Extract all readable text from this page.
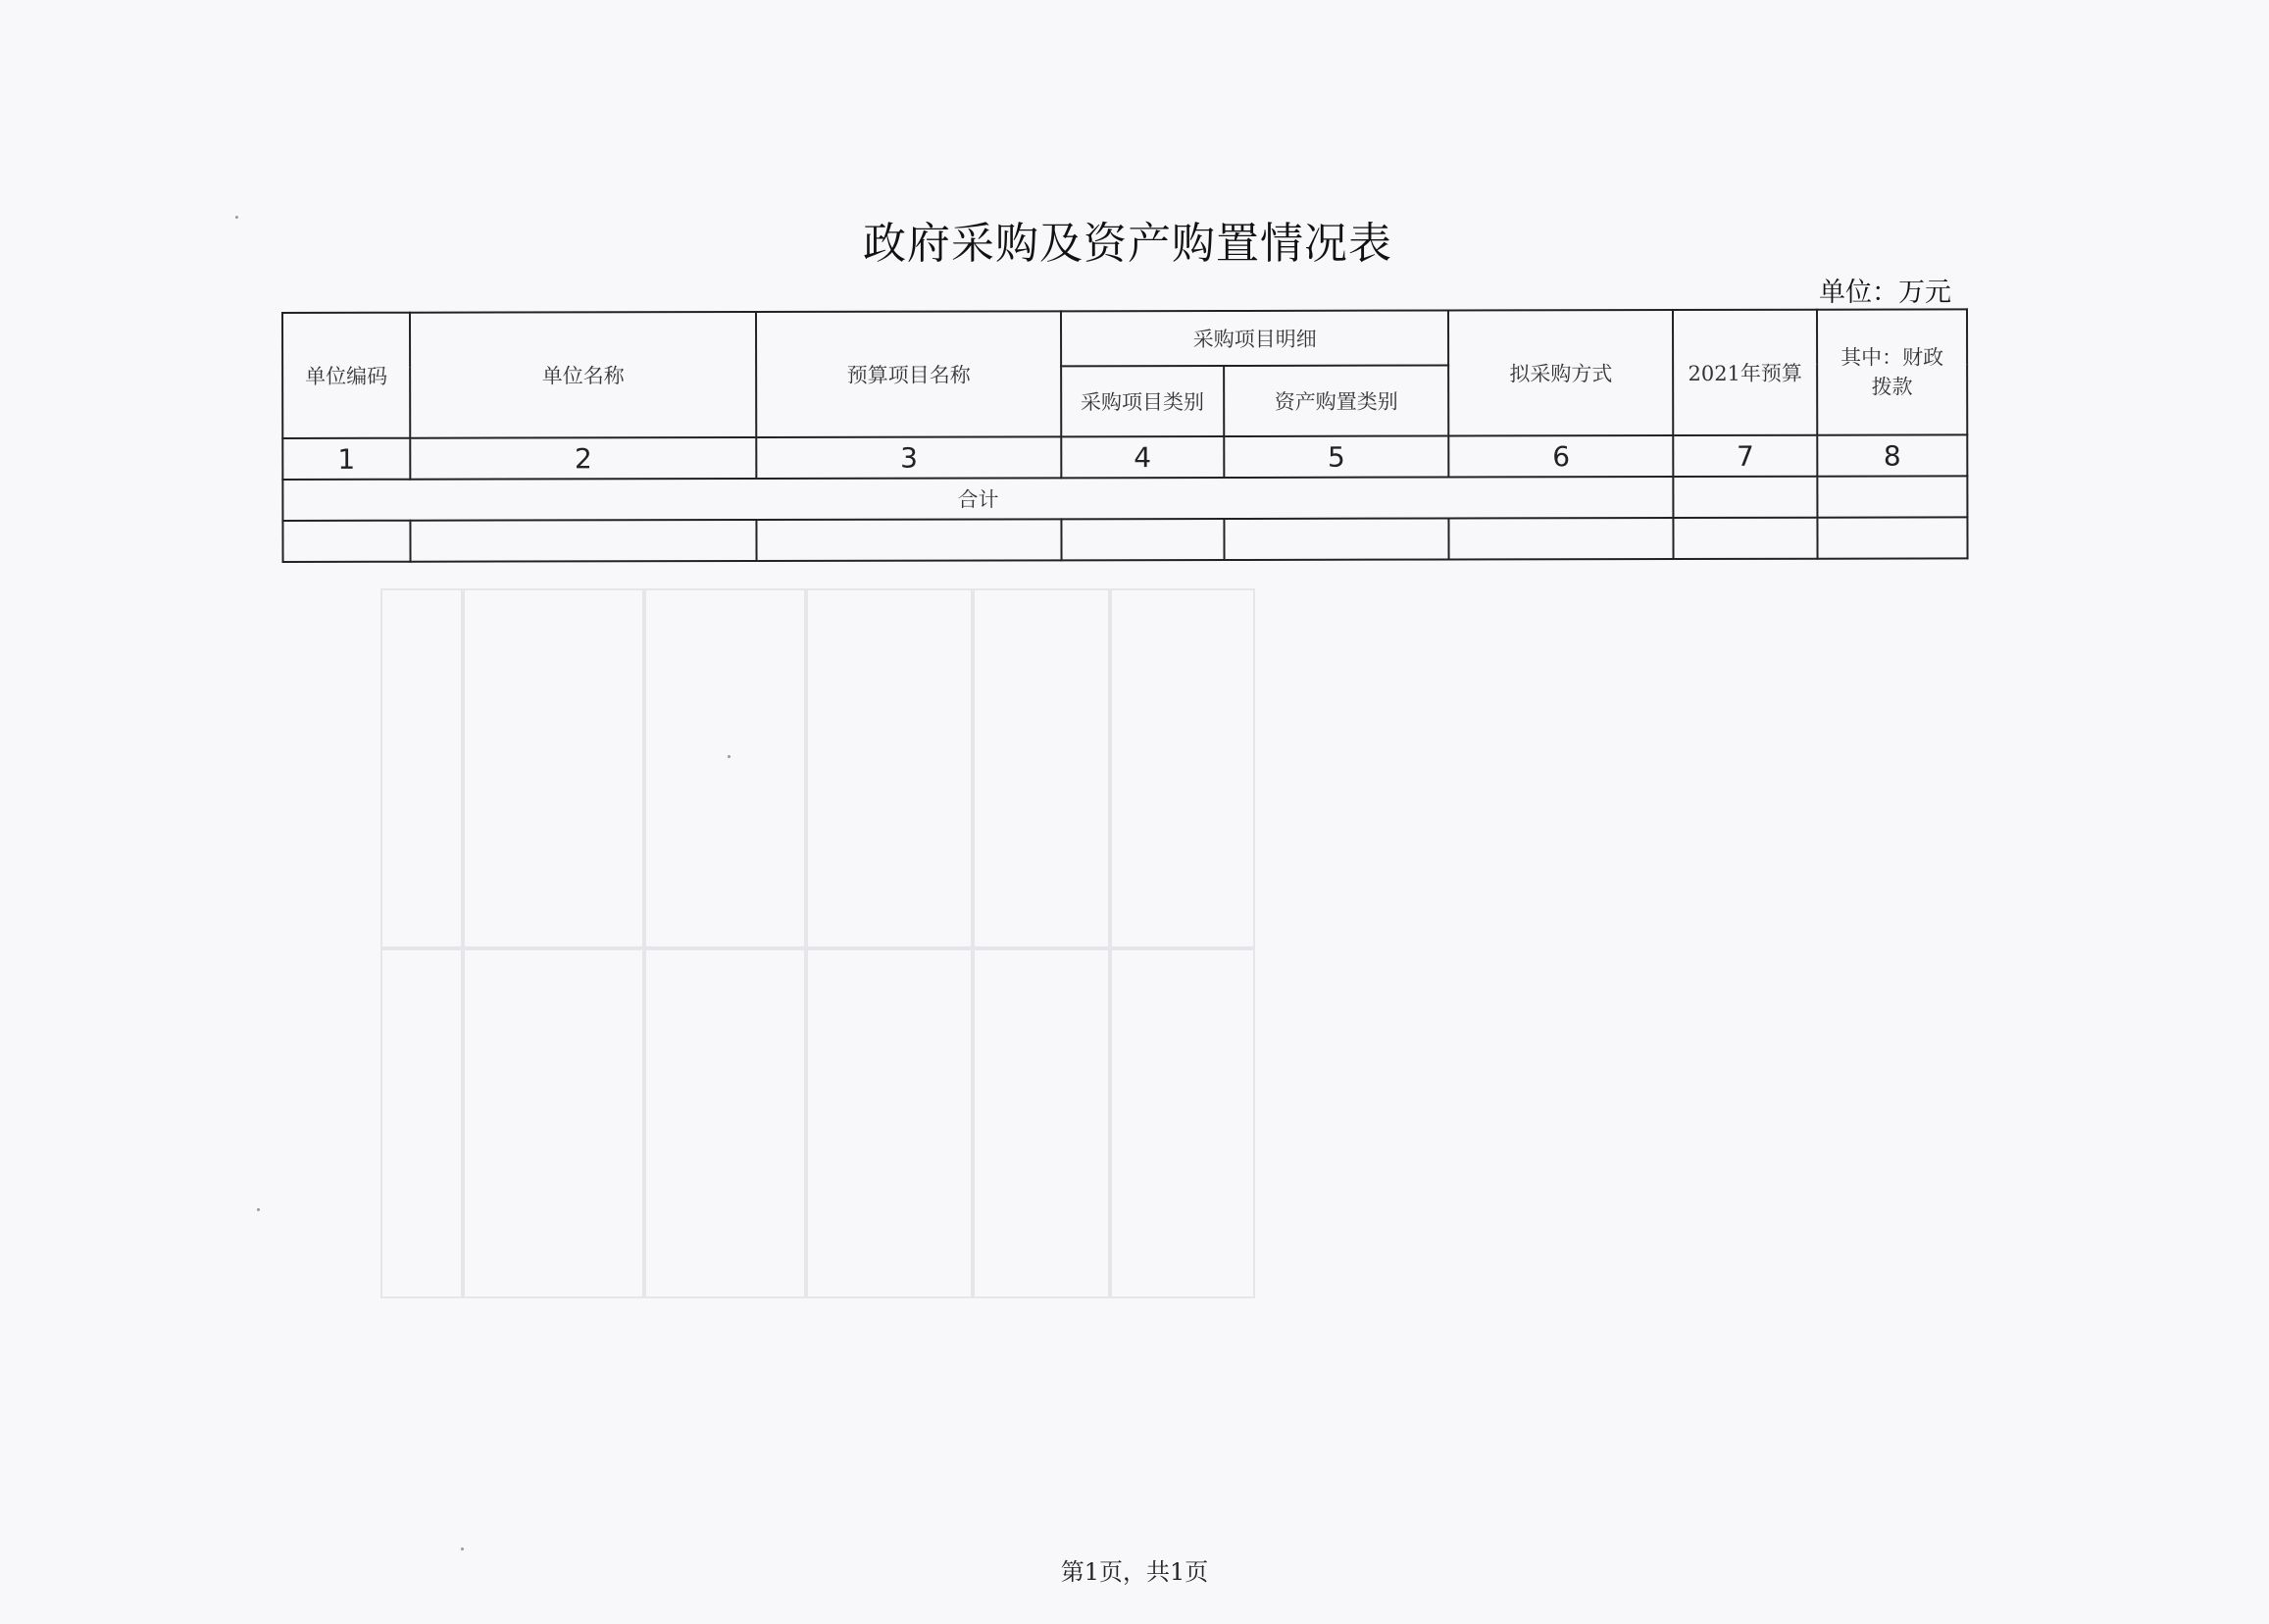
政府采购及资产购置情况表
单位：万元
单位编码	单位名称	预算项目名称	采购项目明细		拟采购方式	2021年预算	其中：财政拨款
			采购项目类别	资产购置类别			
1	2	3	4	5	6	7	8
合计							

第1页，共1页
